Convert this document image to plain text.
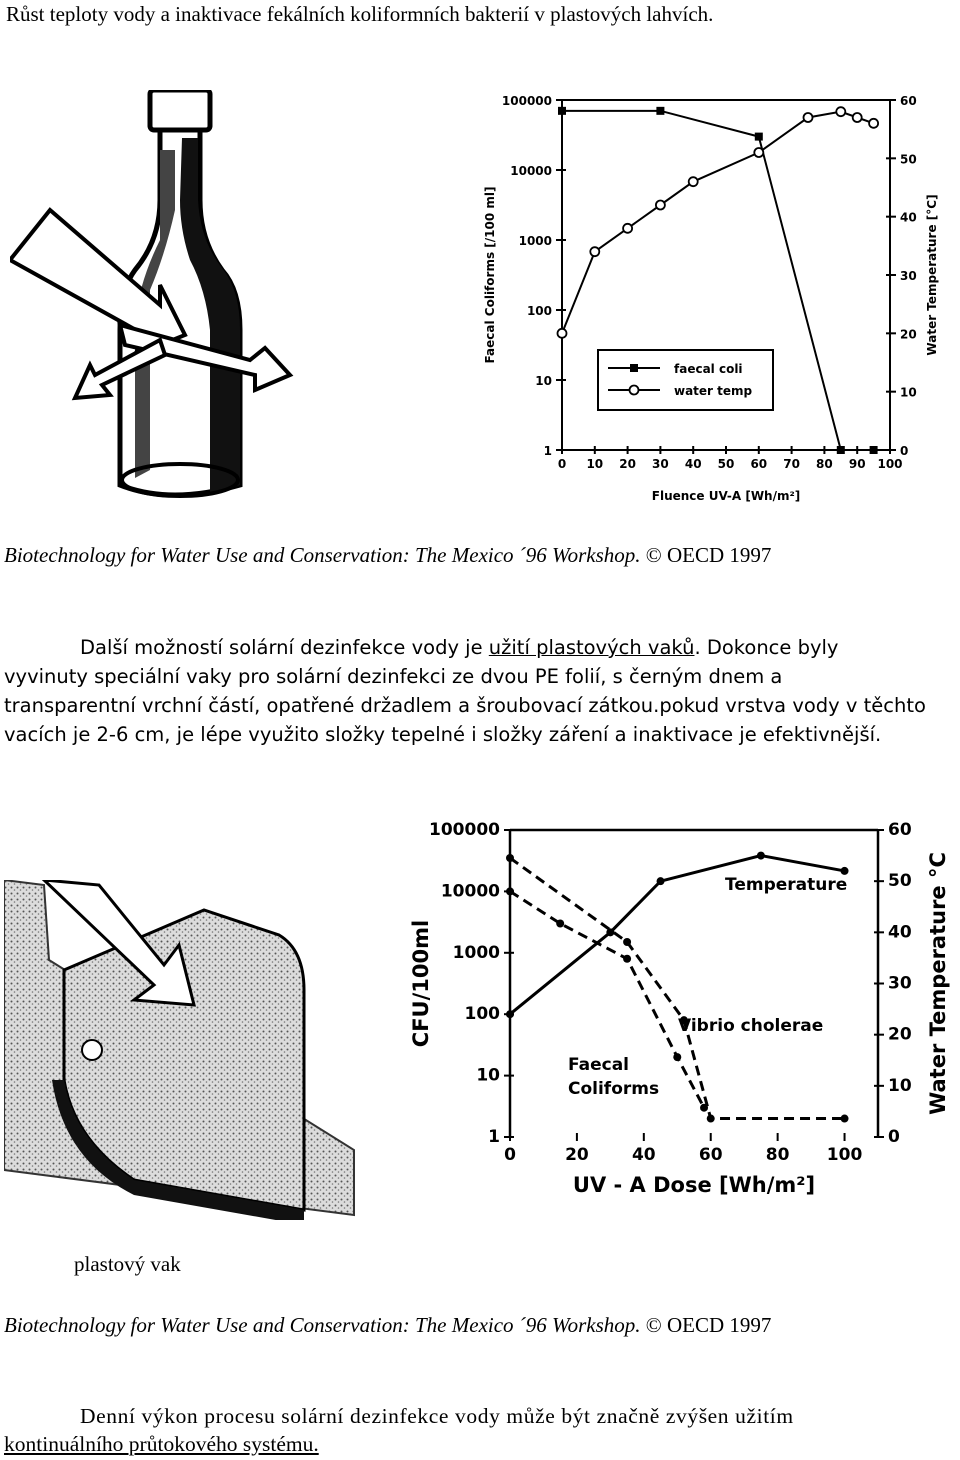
Růst teploty vody a inaktivace fekálních koliformních bakterií v plastových lahvích.
1
10
100
1000
10000
100000
0
10
20
30
40
50
60
0 10 20 30 40 50 60 70 80 90 100
Fluence UV-A [Wh/m²]
Faecal Coliforms [/100 ml]	Water Temperature [°C]
faecal coli
water temp
Biotechnology for Water Use and Conservation: The Mexico ´96 Workshop. © OECD 1997
Další možností solární dezinfekce vody je užití plastových vaků. Dokonce byly
vyvinuty speciální vaky pro solární dezinfekci ze dvou PE folií, s černým dnem a
transparentní vrchní částí, opatřené držadlem a šroubovací zátkou.pokud vrstva vody v těchto
vacích je 2-6 cm, je lépe využito složky tepelné i složky záření a inaktivace je efektivnější.
plastový vak
1
10
100
1000
10000
100000
0
10
20
30
40
50
60
0	20	40	60	80 100
UV - A Dose [Wh/m²]
CFU/100ml	Water Temperature °C
Temperature
Vibrio cholerae
Faecal
Coliforms
Biotechnology for Water Use and Conservation: The Mexico ´96 Workshop. © OECD 1997
Denní výkon procesu solární dezinfekce vody může být značně zvýšen užitím
kontinuálního průtokového systému.
